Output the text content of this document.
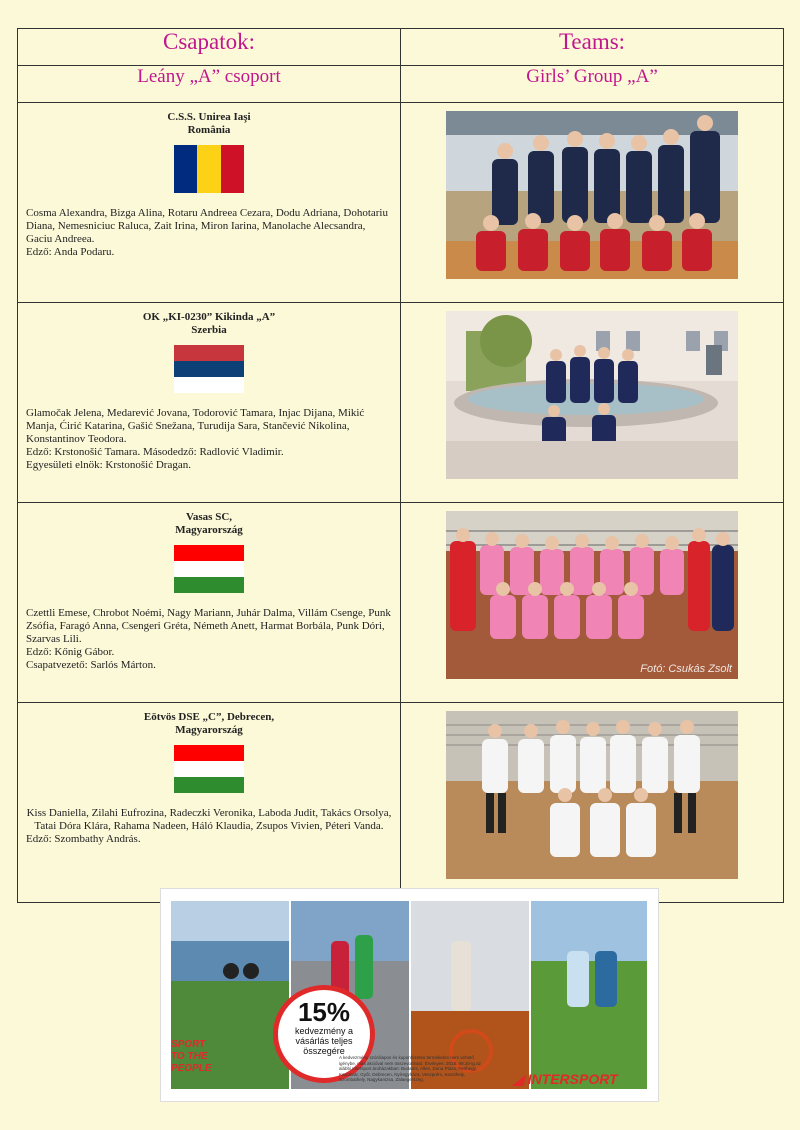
Csapatok:	Teams:
Leány „A” csoport	Girls’ Group „A”

C.S.S. Unirea Iaşi
România
Cosma Alexandra, Bizga Alina, Rotaru Andreea Cezara, Dodu Adriana, Dohotariu Diana, Nemesniciuc Raluca, Zait Irina, Miron Iarina, Manolache Alecsandra, Gaciu Andreea.
Edző: Anda Podaru.

OK „KI-0230” Kikinda „A”
Szerbia
Glamočak Jelena, Medarević Jovana, Todorović Tamara, Injac Dijana, Mikić Manja, Ćirić Katarina, Gašić Snežana, Turudija Sara, Stančević Nikolina, Konstantinov Teodora.
Edző: Krstonošić Tamara. Másodedző: Radlović Vladimir.
Egyesületi elnök: Krstonošić Dragan.

Vasas SC,
Magyarország
Czettli Emese, Chrobot Noémi, Nagy Mariann, Juhár Dalma, Villám Csenge, Punk Zsófia, Faragó Anna, Csengeri Gréta, Németh Anett, Harmat Borbála, Punk Dóri, Szarvas Lili.
Edző: Kőnig Gábor.
Csapatvezető: Sarlós Márton.	Fotó: Csukás Zsolt

Eötvös DSE „C”, Debrecen,
Magyarország
Kiss Daniella, Zilahi Eufrozina, Radeczki Veronika, Laboda Judit, Takács Orsolya, Tatai Dóra Klára, Rahama Nadeen, Háló Klaudia, Zsupos Vivien, Péteri Vanda.
Edző: Szombathy András.

15%
kedvezmény a vásárlás teljes összegére
SPORT
TO THE
PEOPLE
A kedvezmény szórólapos és kuponfüzetes termékekre nem vehető igénybe, más akcióval nem összevonható. Érvényes: 2015. 09.20-ig az alábbi Intersport áruházakban: Budaörs, Allee, Duna Plaza, Ferihegy, Kaposvár, Győr, Debrecen, Nyíregyháza, Veszprém, Keszthely, Szombathely, Nagykanizsa, Zalaegerszeg.	◢ INTERSPORT
